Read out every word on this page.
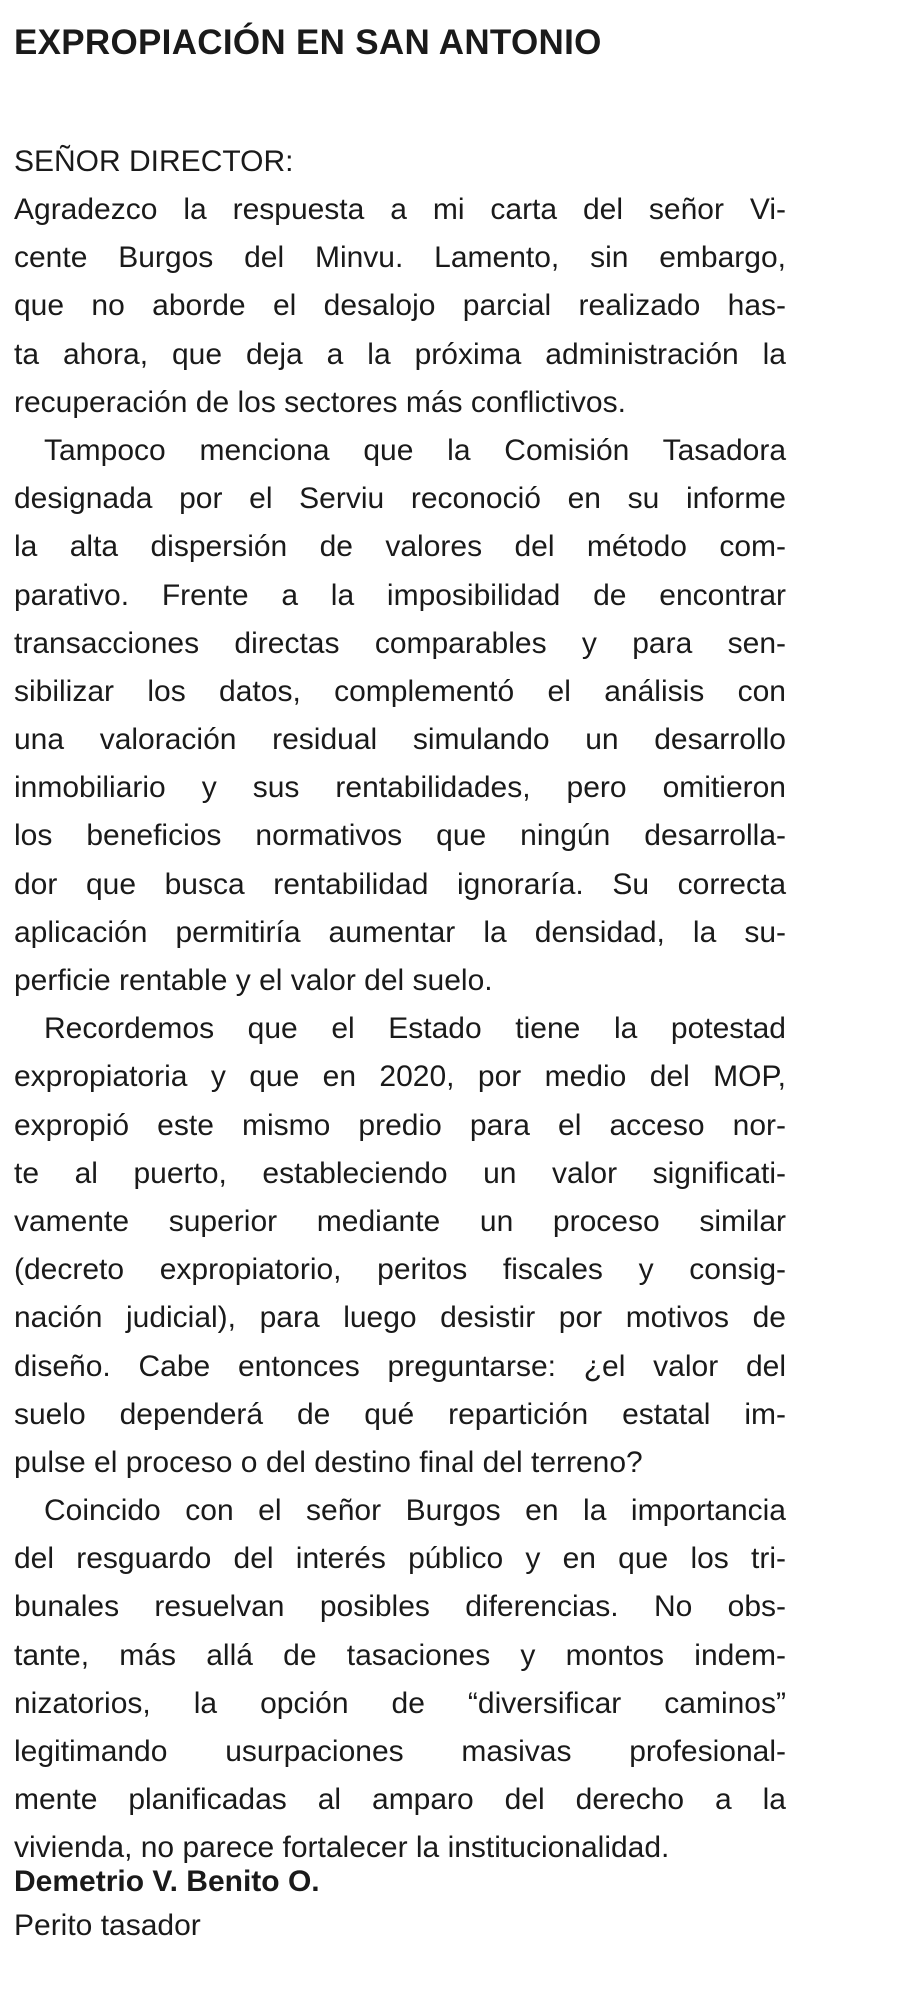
EXPROPIACIÓN EN SAN ANTONIO
SEÑOR DIRECTOR:
Agradezco la respuesta a mi carta del señor Vi-
cente Burgos del Minvu. Lamento, sin embargo,
que no aborde el desalojo parcial realizado has-
ta ahora, que deja a la próxima administración la
recuperación de los sectores más conflictivos.
Tampoco menciona que la Comisión Tasadora
designada por el Serviu reconoció en su informe
la alta dispersión de valores del método com-
parativo. Frente a la imposibilidad de encontrar
transacciones directas comparables y para sen-
sibilizar los datos, complementó el análisis con
una valoración residual simulando un desarrollo
inmobiliario y sus rentabilidades, pero omitieron
los beneficios normativos que ningún desarrolla-
dor que busca rentabilidad ignoraría. Su correcta
aplicación permitiría aumentar la densidad, la su-
perficie rentable y el valor del suelo.
Recordemos que el Estado tiene la potestad
expropiatoria y que en 2020, por medio del MOP,
expropió este mismo predio para el acceso nor-
te al puerto, estableciendo un valor significati-
vamente superior mediante un proceso similar
(decreto expropiatorio, peritos fiscales y consig-
nación judicial), para luego desistir por motivos de
diseño. Cabe entonces preguntarse: ¿el valor del
suelo dependerá de qué repartición estatal im-
pulse el proceso o del destino final del terreno?
Coincido con el señor Burgos en la importancia
del resguardo del interés público y en que los tri-
bunales resuelvan posibles diferencias. No obs-
tante, más allá de tasaciones y montos indem-
nizatorios, la opción de “diversificar caminos”
legitimando usurpaciones masivas profesional-
mente planificadas al amparo del derecho a la
vivienda, no parece fortalecer la institucionalidad.
Demetrio V. Benito O.
Perito tasador
